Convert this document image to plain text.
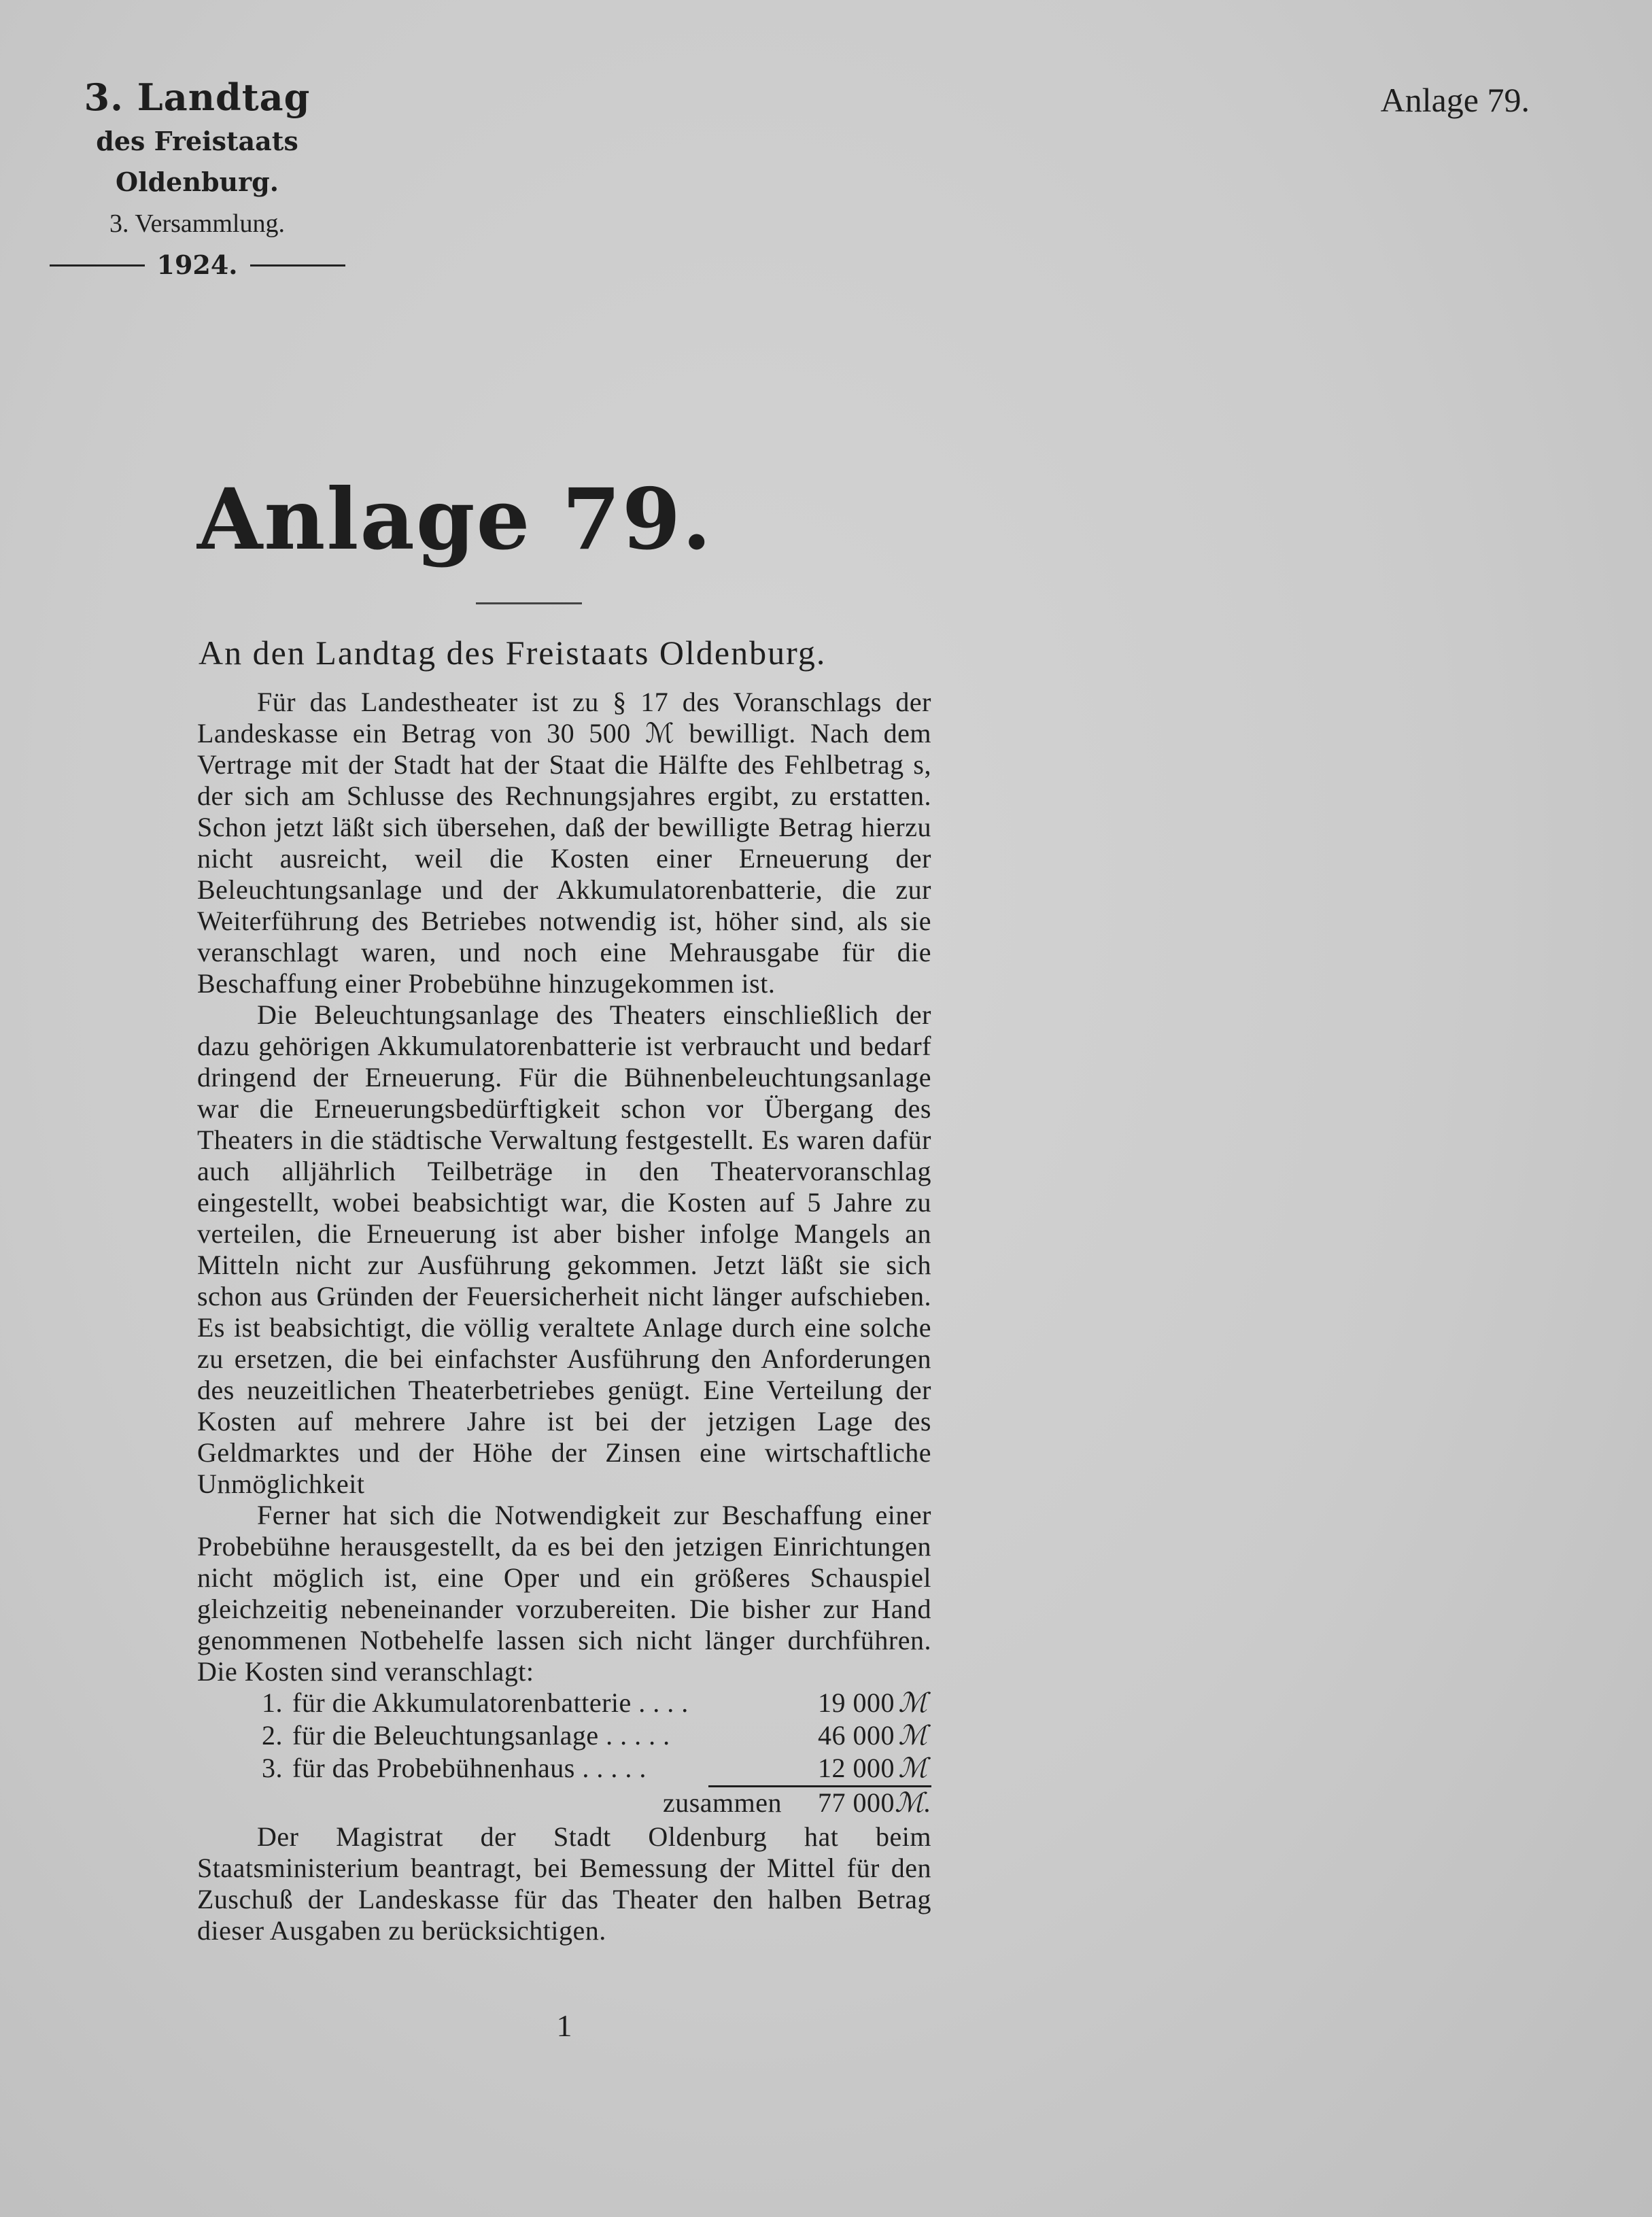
3. Landtag
des Freistaats Oldenburg.
3. Versammlung.
1924.
Anlage 79.
Anlage 79.
An den Landtag des Freistaats Oldenburg.

Für das Landestheater ist zu § 17 des Voranschlags der Landeskasse ein Betrag von 30 500 ℳ bewilligt. Nach dem Vertrage mit der Stadt hat der Staat die Hälfte des Fehlbetrag s, der sich am Schlusse des Rechnungsjahres ergibt, zu erstatten. Schon jetzt läßt sich übersehen, daß der bewilligte Betrag hierzu nicht ausreicht, weil die Kosten einer Erneuerung der Beleuchtungsanlage und der Akkumulatorenbatterie, die zur Weiterführung des Betriebes notwendig ist, höher sind, als sie veranschlagt waren, und noch eine Mehrausgabe für die Beschaffung einer Probebühne hinzugekommen ist.

Die Beleuchtungsanlage des Theaters einschließlich der dazu gehörigen Akkumulatorenbatterie ist verbraucht und bedarf dringend der Erneuerung. Für die Bühnenbeleuchtungsanlage war die Erneuerungsbedürftigkeit schon vor Übergang des Theaters in die städtische Verwaltung festgestellt. Es waren dafür auch alljährlich Teilbeträge in den Theatervoranschlag eingestellt, wobei beabsichtigt war, die Kosten auf 5 Jahre zu verteilen, die Erneuerung ist aber bisher infolge Mangels an Mitteln nicht zur Ausführung gekommen. Jetzt läßt sie sich schon aus Gründen der Feuersicherheit nicht länger aufschieben. Es ist beabsichtigt, die völlig veraltete Anlage durch eine solche zu ersetzen, die bei einfachster Ausführung den Anforderungen des neuzeitlichen Theaterbetriebes genügt. Eine Verteilung der Kosten auf mehrere Jahre ist bei der jetzigen Lage des Geldmarktes und der Höhe der Zinsen eine wirtschaftliche Unmöglichkeit

Ferner hat sich die Notwendigkeit zur Beschaffung einer Probebühne herausgestellt, da es bei den jetzigen Einrichtungen nicht möglich ist, eine Oper und ein größeres Schauspiel gleichzeitig nebeneinander vorzubereiten. Die bisher zur Hand genommenen Notbehelfe lassen sich nicht länger durchführen. Die Kosten sind veranschlagt:

1. für die Akkumulatorenbatterie . . . .	19 000 ℳ
2. für die Beleuchtungsanlage . . . . .	46 000 ℳ
3. für das Probebühnenhaus . . . . .	12 000 ℳ
zusammen	77 000 ℳ.

Der Magistrat der Stadt Oldenburg hat beim Staatsministerium beantragt, bei Bemessung der Mittel für den Zuschuß der Landeskasse für das Theater den halben Betrag dieser Ausgaben zu berücksichtigen.

1
